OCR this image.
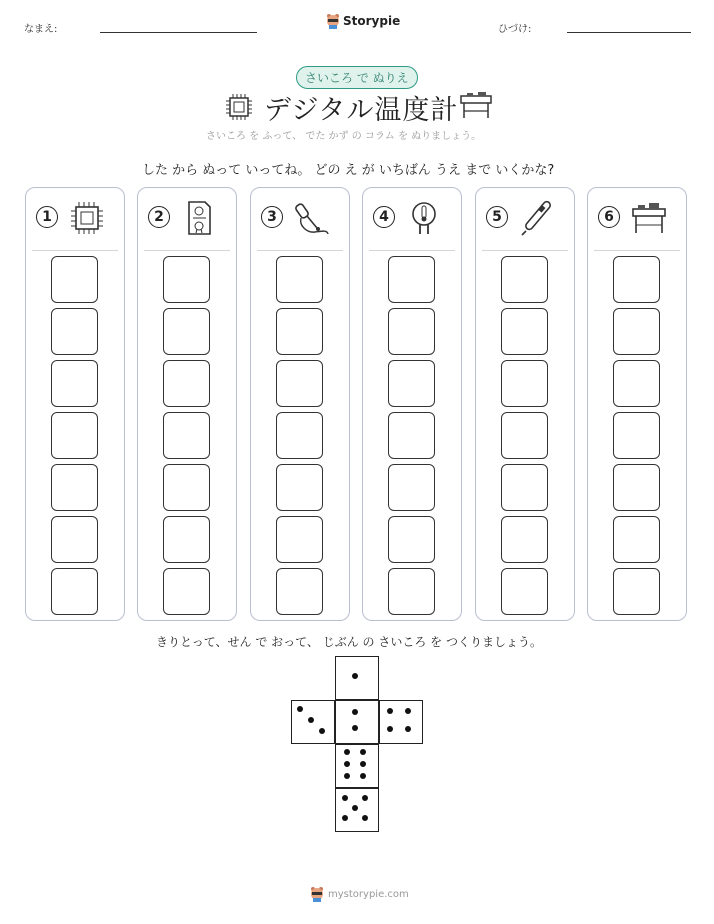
なまえ:
Storypie
ひづけ:
さいころ で ぬりえ
デジタル温度計
さいころ を ふって、 でた かず の コラム を ぬりましょう。
した から ぬって いってね。 どの え が いちばん うえ まで いくかな?
1	2	3	4	5	6
きりとって、せん で おって、 じぶん の さいころ を つくりましょう。
mystorypie.com
